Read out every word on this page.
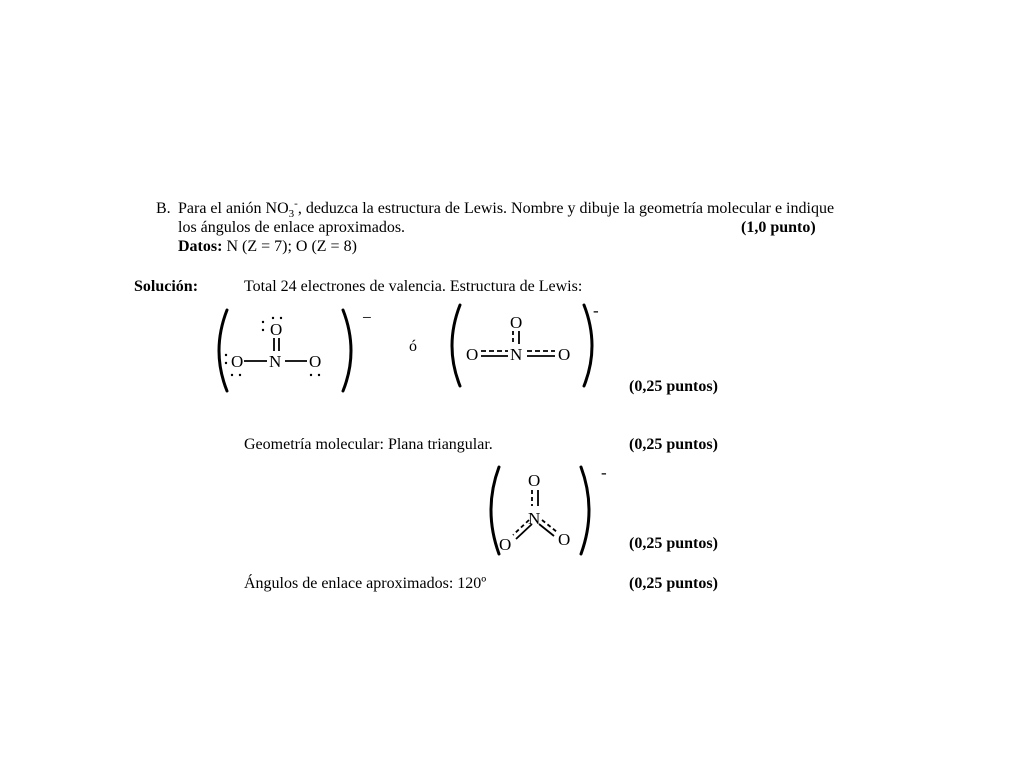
B. Para el anión $NO_3^-$, deduzca la estructura de Lewis. Nombre y dibuje la geometría molecular e indique
los ángulos de enlace aproximados.	(1,0 punto)
Datos: N (Z = 7); O (Z = 8)
Solución:	Total 24 electrones de valencia. Estructura de Lewis:
−
O
N
O	O
ó
-
O
N
O	O
(0,25 puntos)
Geometría molecular: Plana triangular.	(0,25 puntos)
-
O
N
O	O	(0,25 puntos)
Ángulos de enlace aproximados: 120º	(0,25 puntos)
